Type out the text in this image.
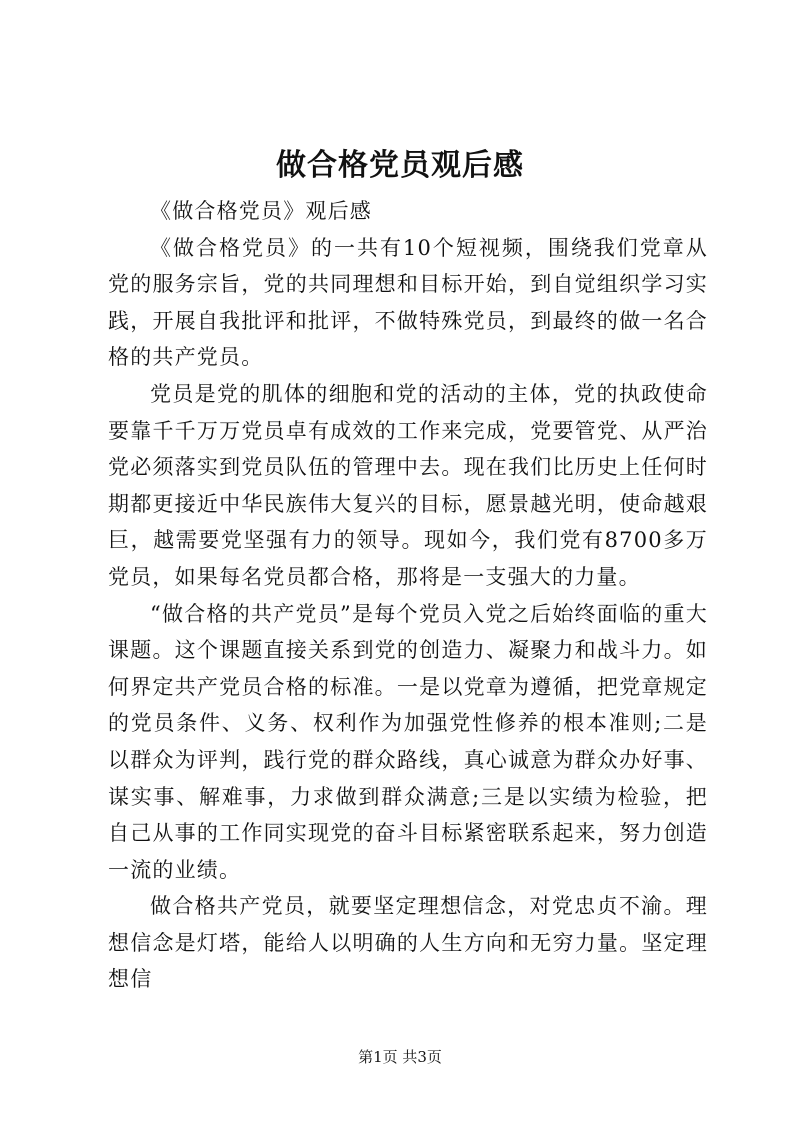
做合格党员观后感

《做合格党员》观后感

《做合格党员》的一共有10个短视频，围绕我们党章从党的服务宗旨，党的共同理想和目标开始，到自觉组织学习实践，开展自我批评和批评，不做特殊党员，到最终的做一名合格的共产党员。

党员是党的肌体的细胞和党的活动的主体，党的执政使命要靠千千万万党员卓有成效的工作来完成，党要管党、从严治党必须落实到党员队伍的管理中去。现在我们比历史上任何时期都更接近中华民族伟大复兴的目标，愿景越光明，使命越艰巨，越需要党坚强有力的领导。现如今，我们党有8700多万党员，如果每名党员都合格，那将是一支强大的力量。

“做合格的共产党员”是每个党员入党之后始终面临的重大课题。这个课题直接关系到党的创造力、凝聚力和战斗力。如何界定共产党员合格的标准。一是以党章为遵循，把党章规定的党员条件、义务、权利作为加强党性修养的根本准则;二是以群众为评判，践行党的群众路线，真心诚意为群众办好事、谋实事、解难事，力求做到群众满意;三是以实绩为检验，把自己从事的工作同实现党的奋斗目标紧密联系起来，努力创造一流的业绩。

做合格共产党员，就要坚定理想信念，对党忠贞不渝。理想信念是灯塔，能给人以明确的人生方向和无穷力量。坚定理想信

第1页 共3页
